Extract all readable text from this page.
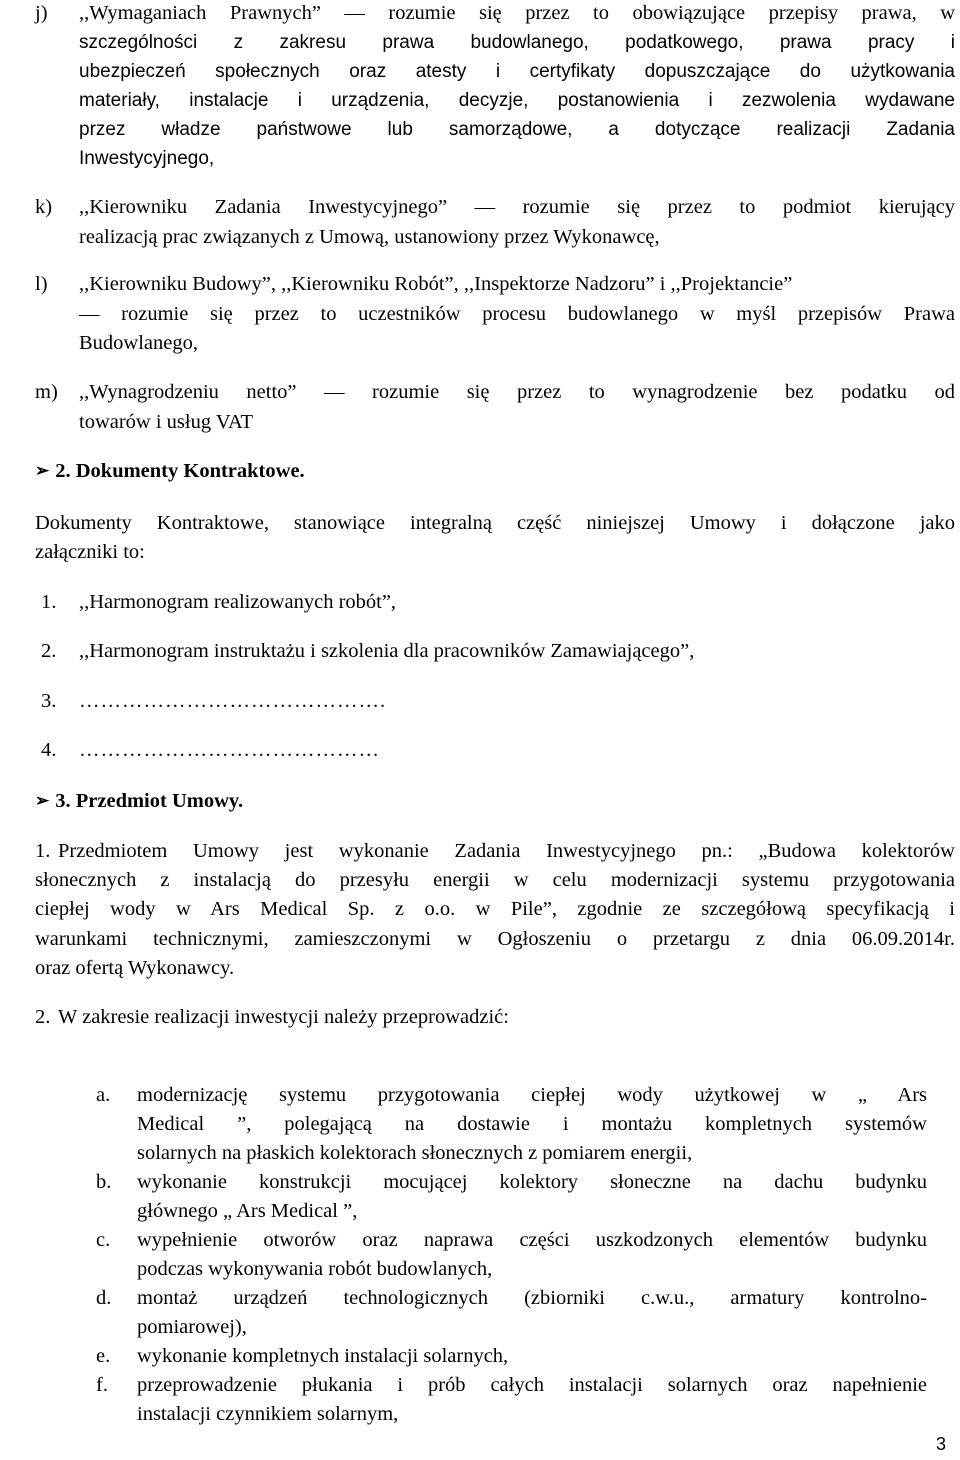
j) ,,Wymaganiach Prawnych” — rozumie się przez to obowiązujące przepisy prawa, w
szczególności z zakresu prawa budowlanego, podatkowego, prawa pracy i
ubezpieczeń społecznych oraz atesty i certyfikaty dopuszczające do użytkowania
materiały, instalacje i urządzenia, decyzje, postanowienia i zezwolenia wydawane
przez władze państwowe lub samorządowe, a dotyczące realizacji Zadania
Inwestycyjnego,
k) ,,Kierowniku Zadania Inwestycyjnego” — rozumie się przez to podmiot kierujący
realizacją prac związanych z Umową, ustanowiony przez Wykonawcę,
l) ,,Kierowniku Budowy”, ,,Kierowniku Robót”, ,,Inspektorze Nadzoru” i ,,Projektancie”
— rozumie się przez to uczestników procesu budowlanego w myśl przepisów Prawa
Budowlanego,
m) ,,Wynagrodzeniu netto” — rozumie się przez to wynagrodzenie bez podatku od
towarów i usług VAT
➢ 2. Dokumenty Kontraktowe.
Dokumenty Kontraktowe, stanowiące integralną część niniejszej Umowy i dołączone jako
załączniki to:
1. ,,Harmonogram realizowanych robót”,
2. ,,Harmonogram instruktażu i szkolenia dla pracowników Zamawiającego”,
3. …………………………………….
4. ……………………………………
➢ 3. Przedmiot Umowy.
1. Przedmiotem Umowy jest wykonanie Zadania Inwestycyjnego pn.: „Budowa kolektorów
słonecznych z instalacją do przesyłu energii w celu modernizacji systemu przygotowania
ciepłej wody w Ars Medical Sp. z o.o. w Pile”, zgodnie ze szczegółową specyfikacją i
warunkami technicznymi, zamieszczonymi w Ogłoszeniu o przetargu z dnia 06.09.2014r.
oraz ofertą Wykonawcy.
2. W zakresie realizacji inwestycji należy przeprowadzić:
a. modernizację systemu przygotowania ciepłej wody użytkowej w „ Ars
Medical ”, polegającą na dostawie i montażu kompletnych systemów
solarnych na płaskich kolektorach słonecznych z pomiarem energii,
b. wykonanie konstrukcji mocującej kolektory słoneczne na dachu budynku
głównego „ Ars Medical ”,
c. wypełnienie otworów oraz naprawa części uszkodzonych elementów budynku
podczas wykonywania robót budowlanych,
d. montaż urządzeń technologicznych (zbiorniki c.w.u., armatury kontrolno-
pomiarowej),
e. wykonanie kompletnych instalacji solarnych,
f. przeprowadzenie płukania i prób całych instalacji solarnych oraz napełnienie
instalacji czynnikiem solarnym,
3
